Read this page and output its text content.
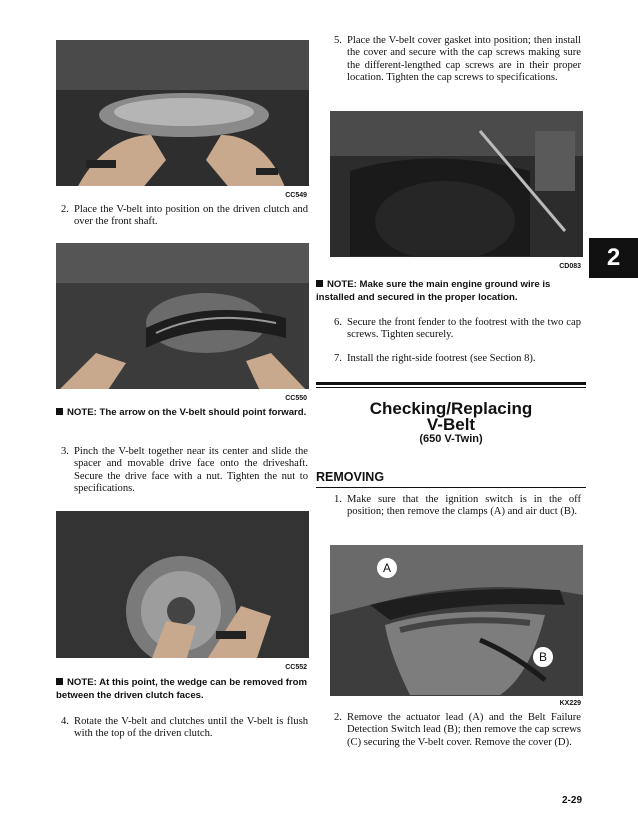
CC549
2. Place the V-belt into position on the driven clutch and over the front shaft.
CC550
NOTE: The arrow on the V-belt should point forward.
3. Pinch the V-belt together near its center and slide the spacer and movable drive face onto the driveshaft. Secure the drive face with a nut. Tighten the nut to specifications.
CC552
NOTE: At this point, the wedge can be removed from between the driven clutch faces.
4. Rotate the V-belt and clutches until the V-belt is flush with the top of the driven clutch.
5. Place the V-belt cover gasket into position; then install the cover and secure with the cap screws making sure the different-lengthed cap screws are in their proper location. Tighten the cap screws to specifications.
CD083	2
NOTE: Make sure the main engine ground wire is installed and secured in the proper location.
6. Secure the front fender to the footrest with the two cap screws. Tighten securely.
7. Install the right-side footrest (see Section 8).
Checking/Replacing
V-Belt
(650 V-Twin)
REMOVING
1. Make sure that the ignition switch is in the off position; then remove the clamps (A) and air duct (B).
A
B
KX229
2. Remove the actuator lead (A) and the Belt Failure Detection Switch lead (B); then remove the cap screws (C) securing the V-belt cover. Remove the cover (D).
2-29
